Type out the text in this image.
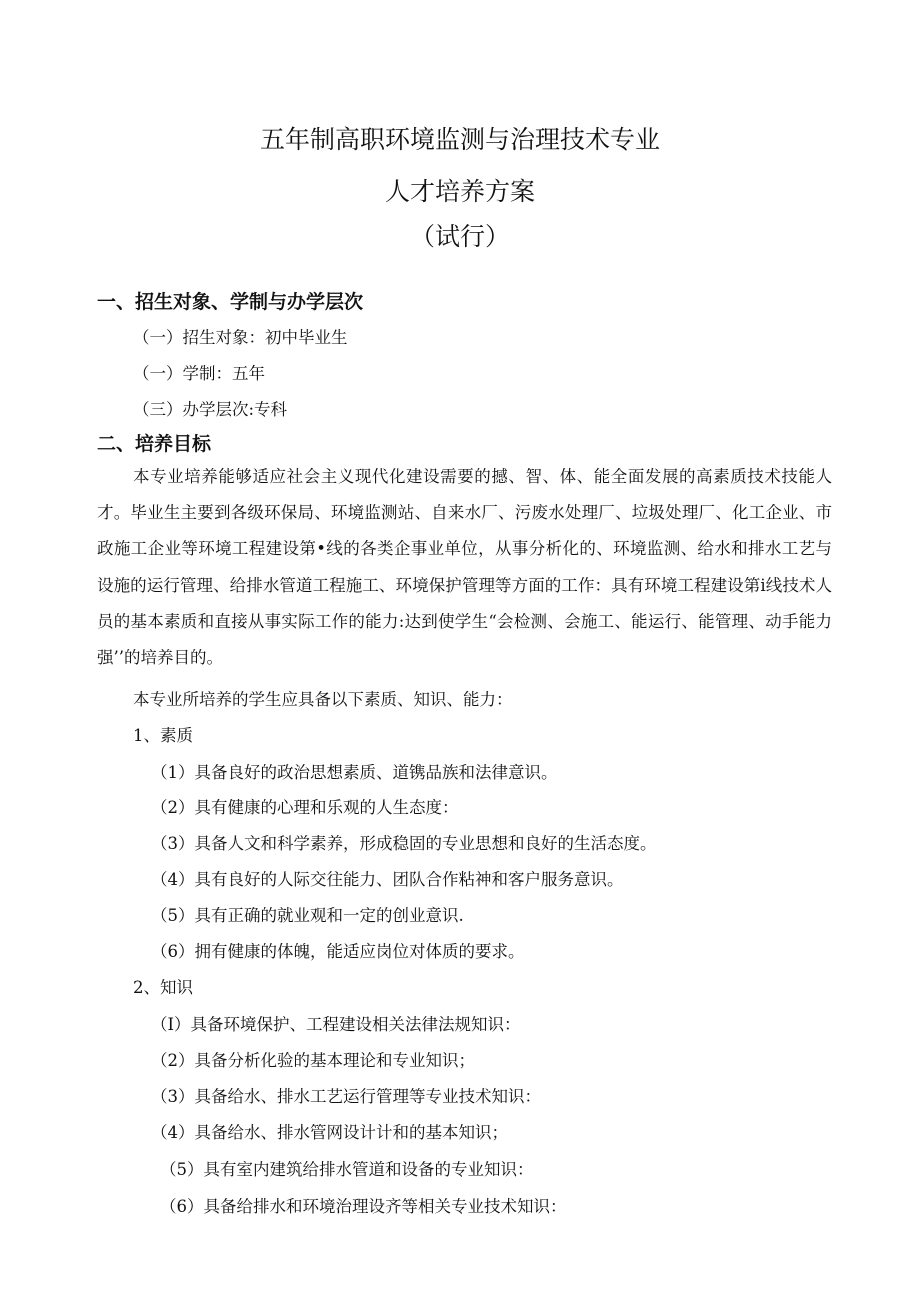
五年制高职环境监测与治理技术专业
人才培养方案
（试行）
一、招生对象、学制与办学层次
（一）招生对象：初中毕业生
（一）学制：五年
（三）办学层次:专科
二、培养目标
本专业培养能够适应社会主义现代化建设需要的撼、智、体、能全面发展的高素质技术技能人才。毕业生主要到各级环保局、环境监测站、自来水厂、污废水处理厂、垃圾处理厂、化工企业、市政施工企业等环境工程建设第•线的各类企事业单位，从事分析化的、环境监测、给水和排水工艺与设施的运行管理、给排水管道工程施工、环境保护管理等方面的工作：具有环境工程建设第i线技术人员的基本素质和直接从事实际工作的能力:达到使学生“会检测、会施工、能运行、能管理、动手能力强’’的培养目的。
本专业所培养的学生应具备以下素质、知识、能力：
1、素质
（1）具备良好的政治思想素质、道镌品族和法律意识。
（2）具有健康的心理和乐观的人生态度：
（3）具备人文和科学素养，形成稳固的专业思想和良好的生活态度。
（4）具有良好的人际交往能力、团队合作粘神和客户服务意识。
（5）具有正确的就业观和一定的创业意识.
（6）拥有健康的体魄，能适应岗位对体质的要求。
2、知识
（I）具备环境保护、工程建设相关法律法规知识：
（2）具备分析化验的基本理论和专业知识；
（3）具备给水、排水工艺运行管理等专业技术知识：
（4）具备给水、排水管网设计计和的基本知识；
（5）具有室内建筑给排水管道和设备的专业知识：
（6）具备给排水和环境治理设齐等相关专业技术知识：
